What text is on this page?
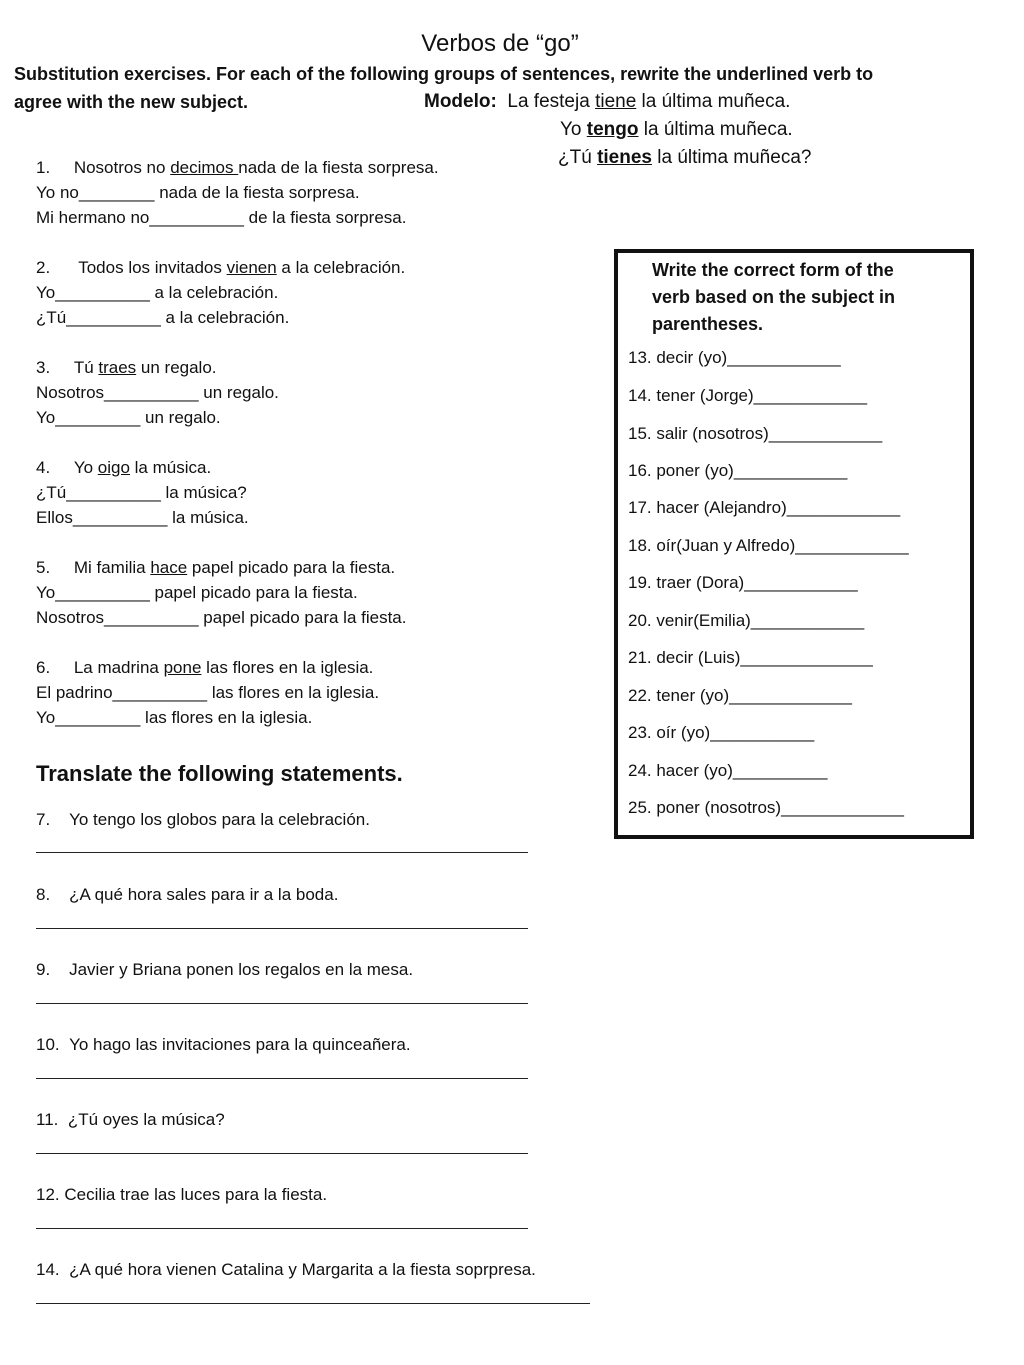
Verbos de “go”
Substitution exercises. For each of the following groups of sentences, rewrite the underlined verb to
agree with the new subject.	Modelo: La festeja tiene la última muñeca.
Yo tengo la última muñeca.
¿Tú tienes la última muñeca?
1. Nosotros no decimos nada de la fiesta sorpresa.
Yo no________ nada de la fiesta sorpresa.
Mi hermano no__________ de la fiesta sorpresa.
2.      Todos los invitados vienen a la celebración.
Yo__________ a la celebración.
¿Tú__________ a la celebración.
3. Tú traes un regalo.
Nosotros__________ un regalo.
Yo_________ un regalo.
4. Yo oigo la música.
¿Tú__________ la música?
Ellos__________ la música.
5. Mi familia hace papel picado para la fiesta.
Yo__________ papel picado para la fiesta.
Nosotros__________ papel picado para la fiesta.
6. La madrina pone las flores en la iglesia.
El padrino__________ las flores en la iglesia.
Yo_________ las flores en la iglesia.
Translate the following statements.
7. Yo tengo los globos para la celebración.
8. ¿A qué hora sales para ir a la boda.
9. Javier y Briana ponen los regalos en la mesa.
10. Yo hago las invitaciones para la quinceañera.
11. ¿Tú oyes la música?
12. Cecilia trae las luces para la fiesta.
14. ¿A qué hora vienen Catalina y Margarita a la fiesta soprpresa.
Write the correct form of the
verb based on the subject in
parentheses.
13. decir (yo)____________
14. tener (Jorge)____________
15. salir (nosotros)____________
16. poner (yo)____________
17. hacer (Alejandro)____________
18. oír(Juan y Alfredo)____________
19. traer (Dora)____________
20. venir(Emilia)____________
21. decir (Luis)______________
22. tener (yo)_____________
23. oír (yo)___________
24. hacer (yo)__________
25. poner (nosotros)_____________
